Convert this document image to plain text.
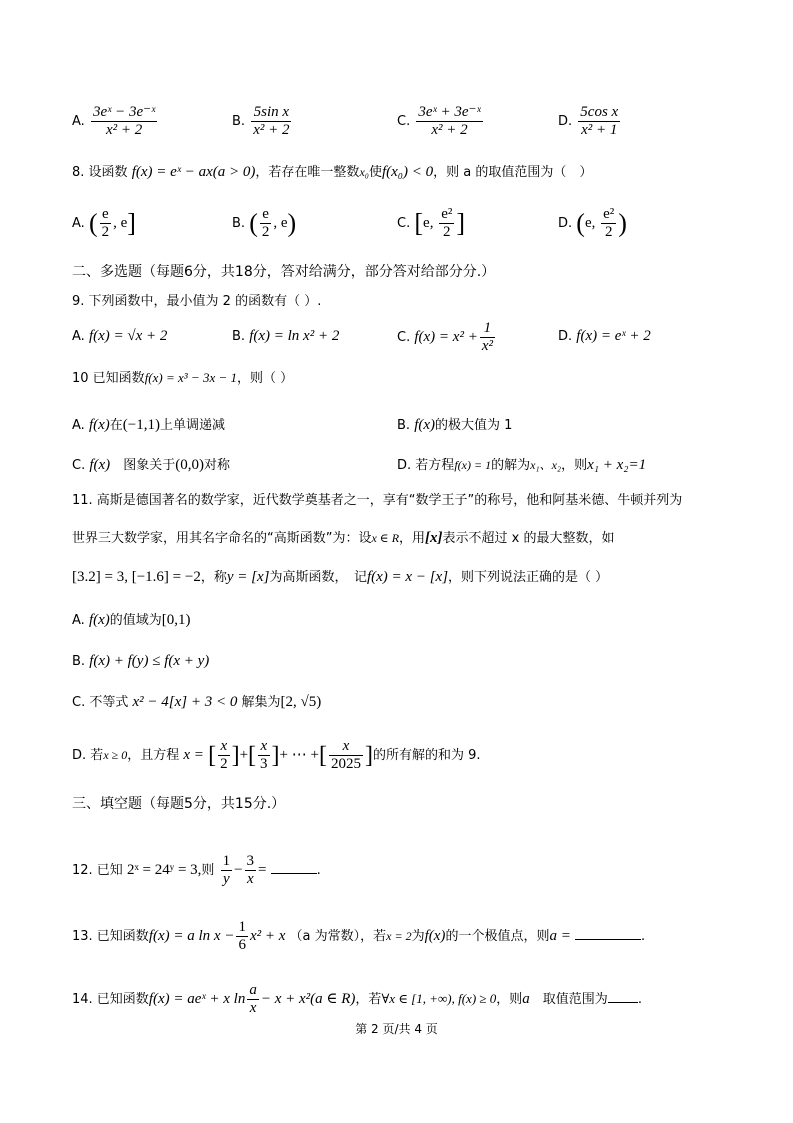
A. $\frac{\text{3eˣ − 3e⁻ˣ}}{\text{x² + 2}}$	B. $\frac{\text{5sin x}}{\text{x² + 2}}$	C. $\frac{\text{3eˣ + 3e⁻ˣ}}{\text{x² + 2}}$	D. $\frac{\text{5cos x}}{\text{x² + 1}}$
8. 设函数 f(x) = eˣ − ax(a > 0)，若存在唯一整数x₀使f(x₀) < 0，则 a 的取值范围为（　）
A. ( $\frac{e}{2}$ , e]	B. ( $\frac{e}{2}$ , e)	C. [e, $\frac{\text{e²}}{2}$ ]	D. (e, $\frac{\text{e²}}{2}$ )
二、多选题（每题6分，共18分，答对给满分，部分答对给部分分.）
9. 下列函数中，最小值为 2 的函数有（ ）.
A. f(x) = √x + 2	B. f(x) = ln x² + 2	C. $f(x) = x^2 + \frac{1}{\text{x²}}$	D. f(x) = eˣ + 2
10 已知函数f(x) = x³ − 3x − 1，则（ ）
A. f(x)在(−1,1)上单调递减	B. f(x)的极大值为 1
C. f(x)　 图象关于(0,0)对称	D. 若方程f(x) = 1的解为x₁、x₂，则x₁ + x₂=1
11. 高斯是德国著名的数学家，近代数学奠基者之一，享有“数学王子”的称号，他和阿基米德、牛顿并列为
世界三大数学家，用其名字命名的“高斯函数”为：设x ∈ R，用[x]表示不超过 x 的最大整数，如
[3.2] = 3, [−1.6] = −2，称y = [x]为高斯函数，　记f(x) = x − [x]，则下列说法正确的是（ ）
A. f(x)的值域为[0,1)
B. f(x) + f(y) ≤ f(x + y)
C. 不等式 x² − 4[x] + 3 < 0 解集为[2, √5)
D. 若x ≥ 0，且方程 x = [ $\frac{x}{2}$ ]+[ $\frac{x}{3}$ ]+ ⋯ +[ $\frac{x}{2025}$ ]的所有解的和为 9.
三、填空题（每题5分，共15分.）
12. 已知 2ˣ = 24ʸ = 3,则 $\frac{1}{y} - \frac{3}{x}$ =	.
13. 已知函数f(x) = a $\ln x - \frac{1}{6} x^2 + x$ （a 为常数），若x = 2为f(x)的一个极值点，则a =	.
14. 已知函数f(x) = aeˣ + x $\ln \frac{a}{x} - x + x^2(a$ ∈ R)，若∀x ∈ [1, +∞), f(x) ≥ 0，则a　取值范围为 .
第 2 页/共 4 页
